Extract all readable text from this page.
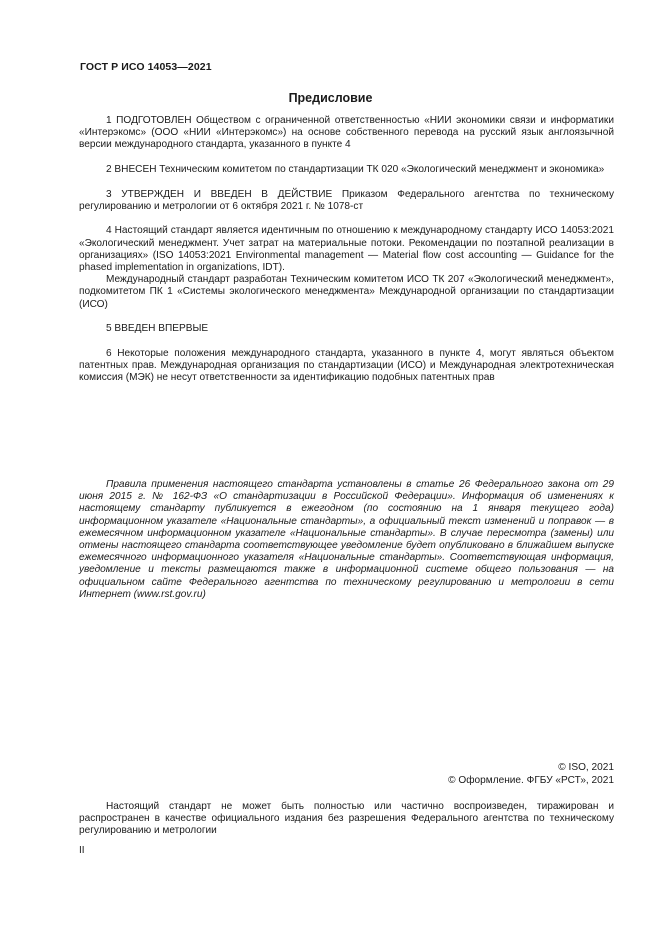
ГОСТ Р ИСО 14053—2021
Предисловие

1 ПОДГОТОВЛЕН Обществом с ограниченной ответственностью «НИИ экономики связи и информатики «Интерэкомс» (ООО «НИИ «Интерэкомс») на основе собственного перевода на русский язык англоязычной версии международного стандарта, указанного в пункте 4

2 ВНЕСЕН Техническим комитетом по стандартизации ТК 020 «Экологический менеджмент и экономика»

3 УТВЕРЖДЕН И ВВЕДЕН В ДЕЙСТВИЕ Приказом Федерального агентства по техническому регулированию и метрологии от 6 октября 2021 г. № 1078-ст

4 Настоящий стандарт является идентичным по отношению к международному стандарту ИСО 14053:2021 «Экологический менеджмент. Учет затрат на материальные потоки. Рекомендации по поэтапной реализации в организациях» (ISO 14053:2021 Environmental management — Material flow cost accounting — Guidance for the phased implementation in organizations, IDT).

Международный стандарт разработан Техническим комитетом ИСО ТК 207 «Экологический менеджмент», подкомитетом ПК 1 «Системы экологического менеджмента» Международной организации по стандартизации (ИСО)

5 ВВЕДЕН ВПЕРВЫЕ

6 Некоторые положения международного стандарта, указанного в пункте 4, могут являться объектом патентных прав. Международная организация по стандартизации (ИСО) и Международная электротехническая комиссия (МЭК) не несут ответственности за идентификацию подобных патентных прав

Правила применения настоящего стандарта установлены в статье 26 Федерального закона от 29 июня 2015 г. № 162-ФЗ «О стандартизации в Российской Федерации». Информация об изменениях к настоящему стандарту публикуется в ежегодном (по состоянию на 1 января текущего года) информационном указателе «Национальные стандарты», а официальный текст изменений и поправок — в ежемесячном информационном указателе «Национальные стандарты». В случае пересмотра (замены) или отмены настоящего стандарта соответствующее уведомление будет опубликовано в ближайшем выпуске ежемесячного информационного указателя «Национальные стандарты». Соответствующая информация, уведомление и тексты размещаются также в информационной системе общего пользования — на официальном сайте Федерального агентства по техническому регулированию и метрологии в сети Интернет (www.rst.gov.ru)

© ISO, 2021
© Оформление. ФГБУ «РСТ», 2021

Настоящий стандарт не может быть полностью или частично воспроизведен, тиражирован и распространен в качестве официального издания без разрешения Федерального агентства по техническому регулированию и метрологии

II
